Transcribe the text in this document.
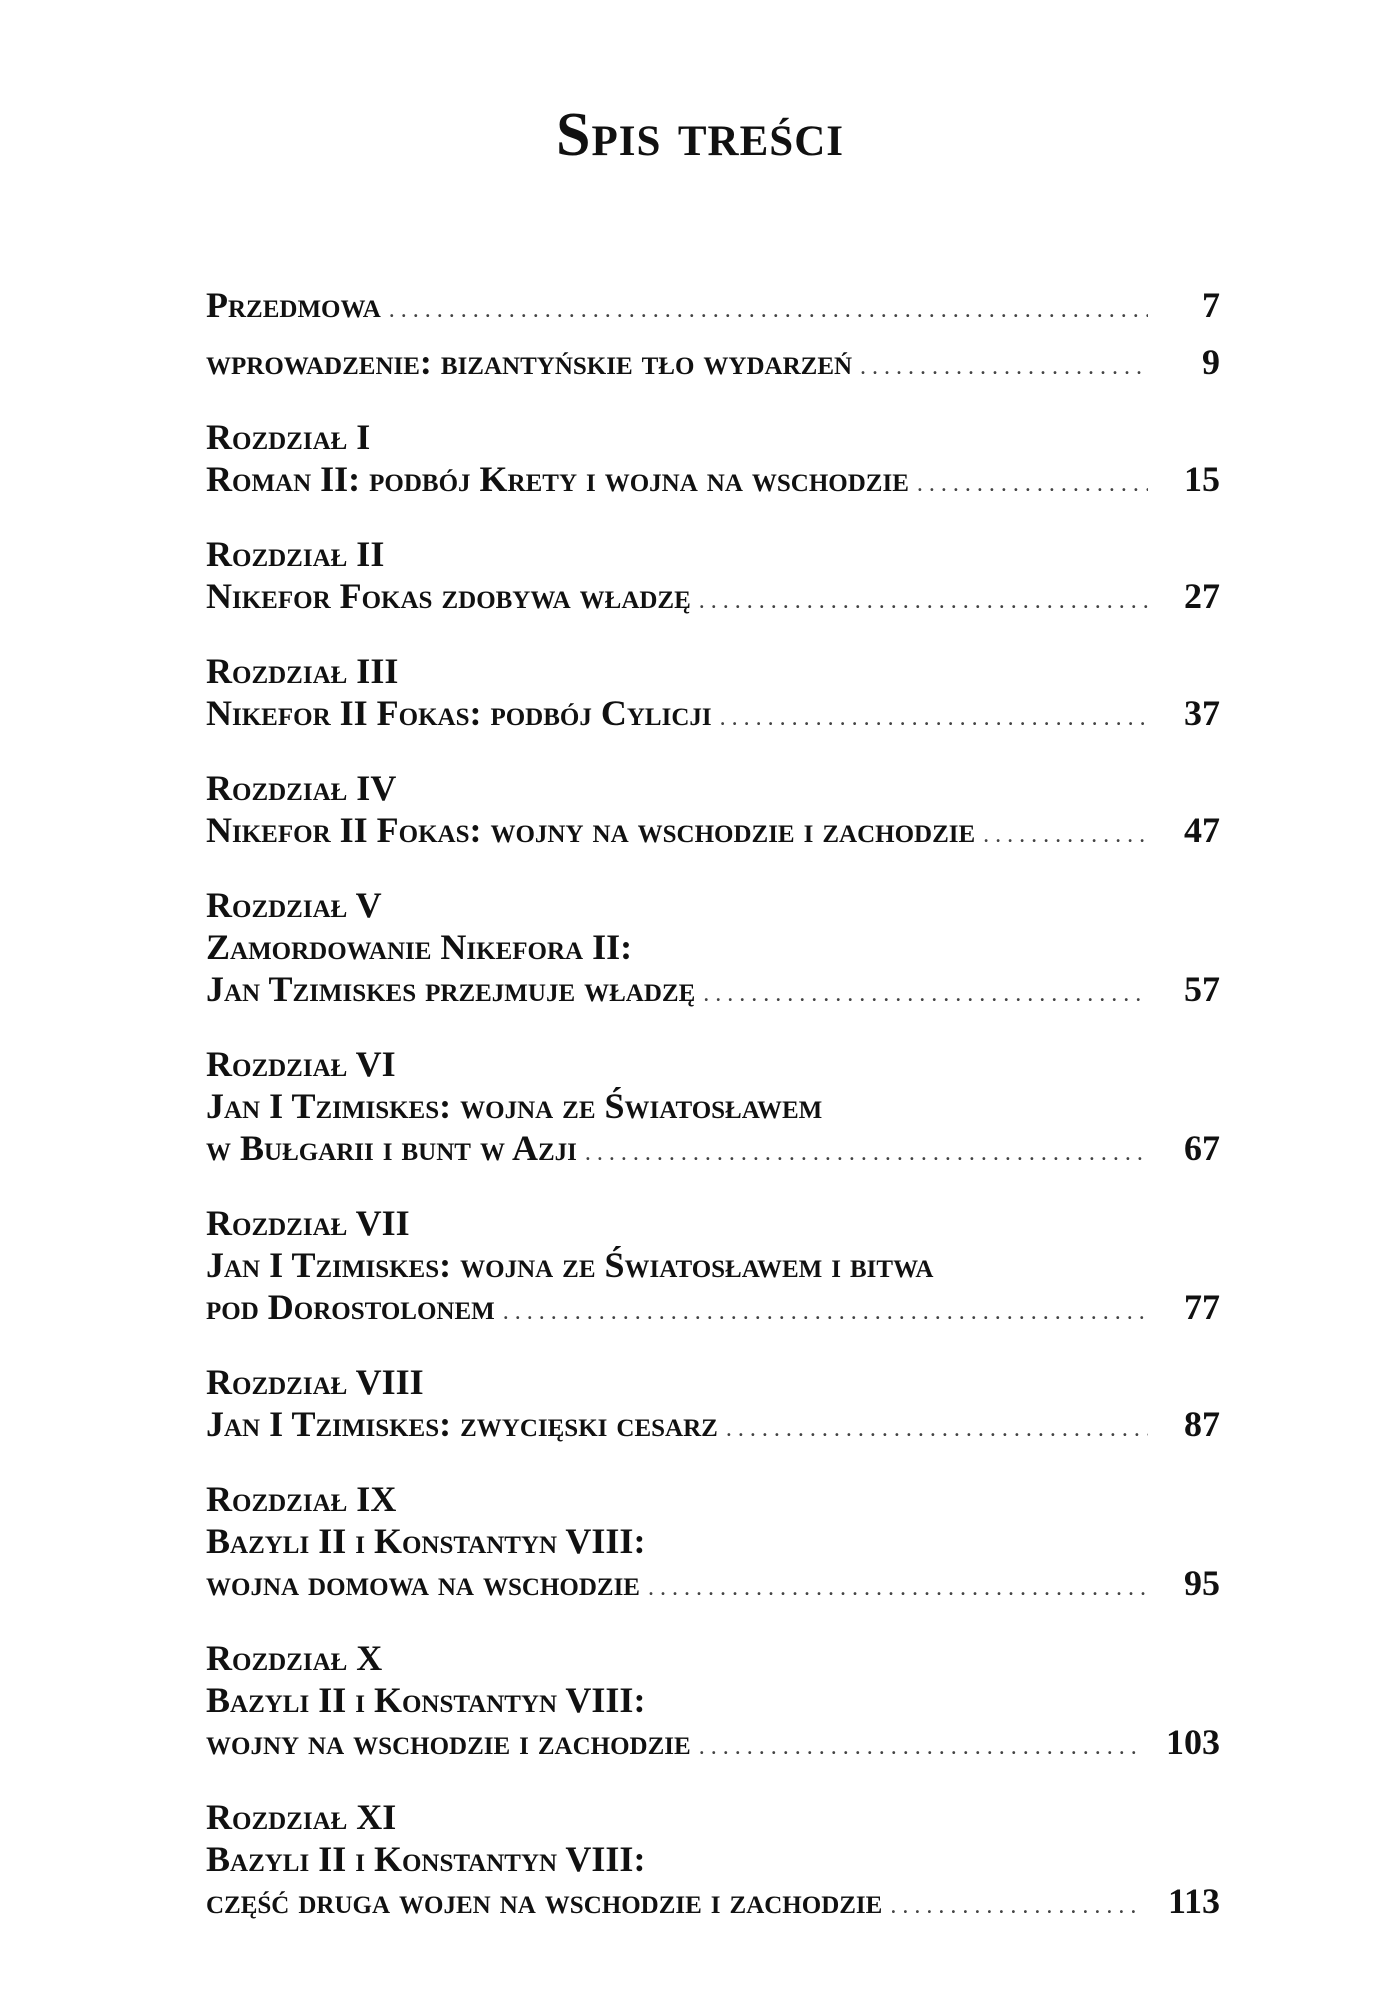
Spis treści
Przedmowa .....	7
wprowadzenie: bizantyńskie tło wydarzeń .....	9
Rozdział I
Roman II: podbój Krety i wojna na wschodzie .....	15
Rozdział II
Nikefor Fokas zdobywa władzę .....	27
Rozdział III
Nikefor II Fokas: podbój Cylicji .....	37
Rozdział IV
Nikefor II Fokas: wojny na wschodzie i zachodzie .....	47
Rozdział V
Zamordowanie Nikefora II:
Jan Tzimiskes przejmuje władzę .....	57
Rozdział VI
Jan I Tzimiskes: wojna ze Światosławem
w Bułgarii i bunt w Azji .....	67
Rozdział VII
Jan I Tzimiskes: wojna ze Światosławem i bitwa
pod Dorostolonem .....	77
Rozdział VIII
Jan I Tzimiskes: zwycięski cesarz .....	87
Rozdział IX
Bazyli II i Konstantyn VIII:
wojna domowa na wschodzie .....	95
Rozdział X
Bazyli II i Konstantyn VIII:
wojny na wschodzie i zachodzie .....	103
Rozdział XI
Bazyli II i Konstantyn VIII:
część druga wojen na wschodzie i zachodzie .....	113
